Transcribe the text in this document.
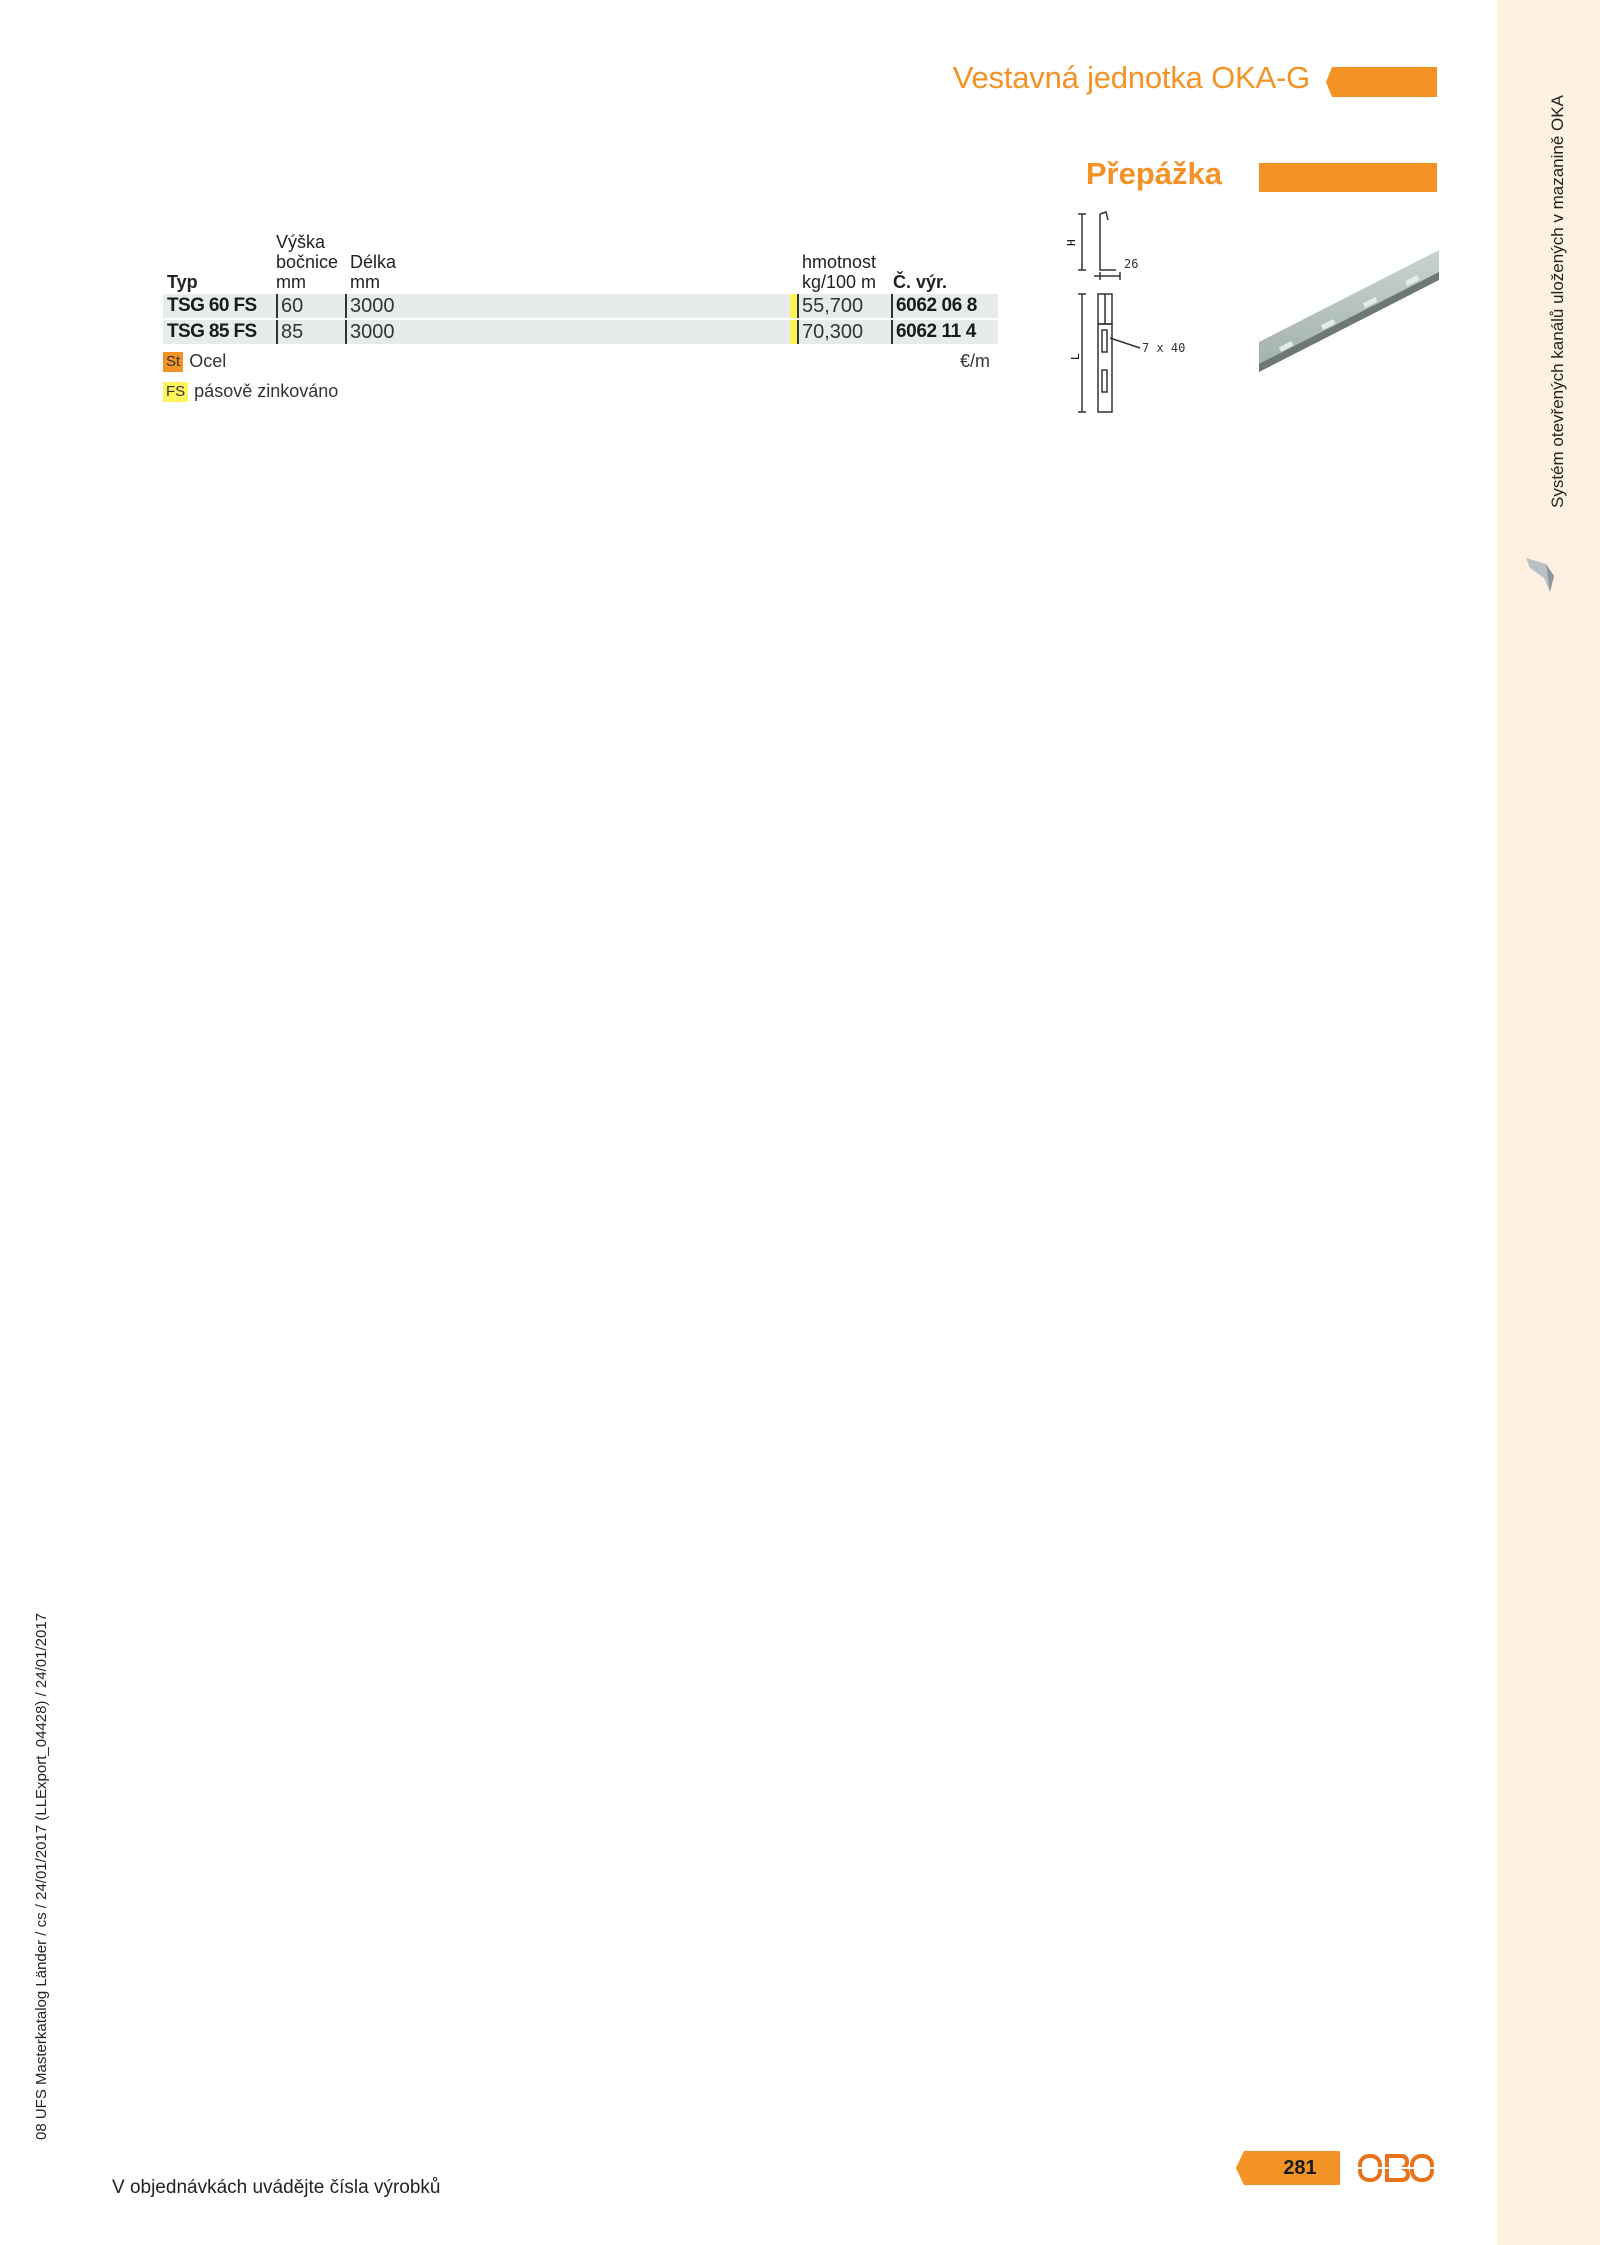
Systém otevřených kanálů uložených v mazanině OKA
Vestavná jednotka OKA-G
Přepážka
Typ
Výška
bočnice
mm
Délka
mm
hmotnost
kg/100 m Č. výr.
TSG 60 FS 60 3000	55,700 6062 06 8
TSG 85 FS 85 3000	70,300 6062 11 4
St Ocel
FS pásově zinkováno
€/m
H
L
26
7 x 40
08 UFS Masterkatalog Länder / cs / 24/01/2017 (LLExport_04428) / 24/01/2017
V objednávkách uvádějte čísla výrobků
281
